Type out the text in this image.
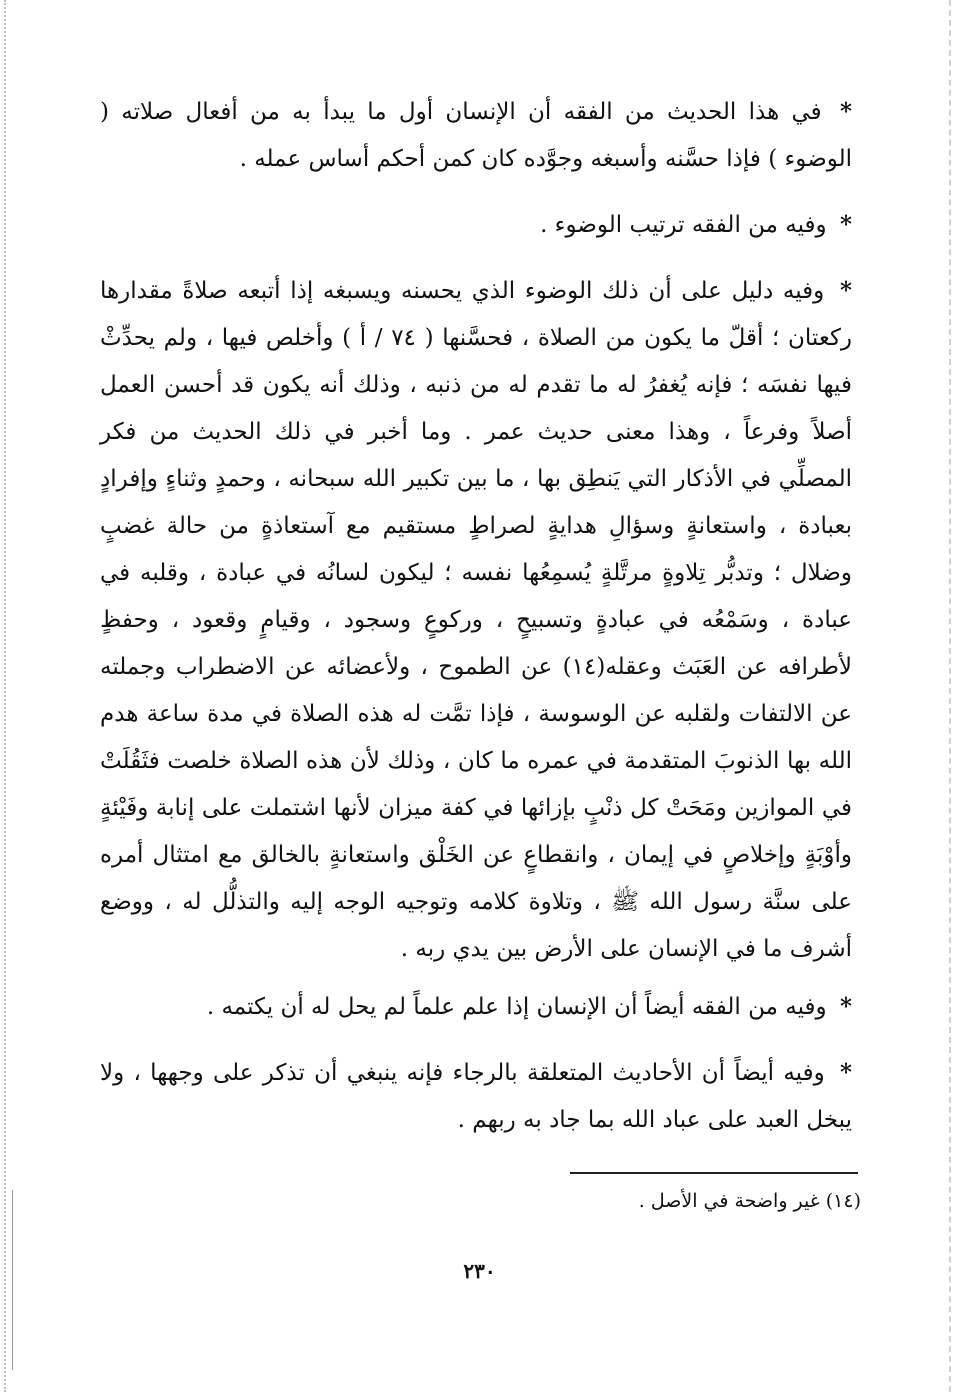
* في هذا الحديث من الفقه أن الإنسان أول ما يبدأ به من أفعال صلاته ( الوضوء ) فإذا حسَّنه وأسبغه وجوَّده كان كمن أحكم أساس عمله .

* وفيه من الفقه ترتيب الوضوء .

* وفيه دليل على أن ذلك الوضوء الذي يحسنه ويسبغه إذا أتبعه صلاةً مقدارها ركعتان ؛ أقلّ ما يكون من الصلاة ، فحسَّنها ( ٧٤ / أ ) وأخلص فيها ، ولم يحدِّثْ فيها نفسَه ؛ فإنه يُغفرُ له ما تقدم له من ذنبه ، وذلك أنه يكون قد أحسن العمل أصلاً وفرعاً ، وهذا معنى حديث عمر . وما أخبر في ذلك الحديث من فكر المصلِّي في الأذكار التي يَنطِق بها ، ما بين تكبير الله سبحانه ، وحمدٍ وثناءٍ وإفرادٍ بعبادة ، واستعانةٍ وسؤالِ هدايةٍ لصراطٍ مستقيم مع آستعاذةٍ من حالة غضبٍ وضلال ؛ وتدبُّر تِلاوةٍ مرتَّلةٍ يُسمِعُها نفسه ؛ ليكون لسانُه في عبادة ، وقلبه في عبادة ، وسَمْعُه في عبادةٍ وتسبيحٍ ، وركوعٍ وسجود ، وقيامٍ وقعود ، وحفظٍ لأطرافه عن العَبَث وعقله(١٤) عن الطموح ، ولأعضائه عن الاضطراب وجملته عن الالتفات ولقلبه عن الوسوسة ، فإذا تمَّت له هذه الصلاة في مدة ساعة هدم الله بها الذنوبَ المتقدمة في عمره ما كان ، وذلك لأن هذه الصلاة خلصت فثَقُلَتْ في الموازين ومَحَتْ كل ذنْبٍ بإزائها في كفة ميزان لأنها اشتملت على إنابة وفَيْئةٍ وأوْبَةٍ وإخلاصٍ في إيمان ، وانقطاعٍ عن الخَلْق واستعانةٍ بالخالق مع امتثال أمره على سنَّة رسول الله ﷺ ، وتلاوة كلامه وتوجيه الوجه إليه والتذلُّل له ، ووضع أشرف ما في الإنسان على الأرض بين يدي ربه .

* وفيه من الفقه أيضاً أن الإنسان إذا علم علماً لم يحل له أن يكتمه .

* وفيه أيضاً أن الأحاديث المتعلقة بالرجاء فإنه ينبغي أن تذكر على وجهها ، ولا يبخل العبد على عباد الله بما جاد به ربهم .

(١٤) غير واضحة في الأصل .
٢٣٠
